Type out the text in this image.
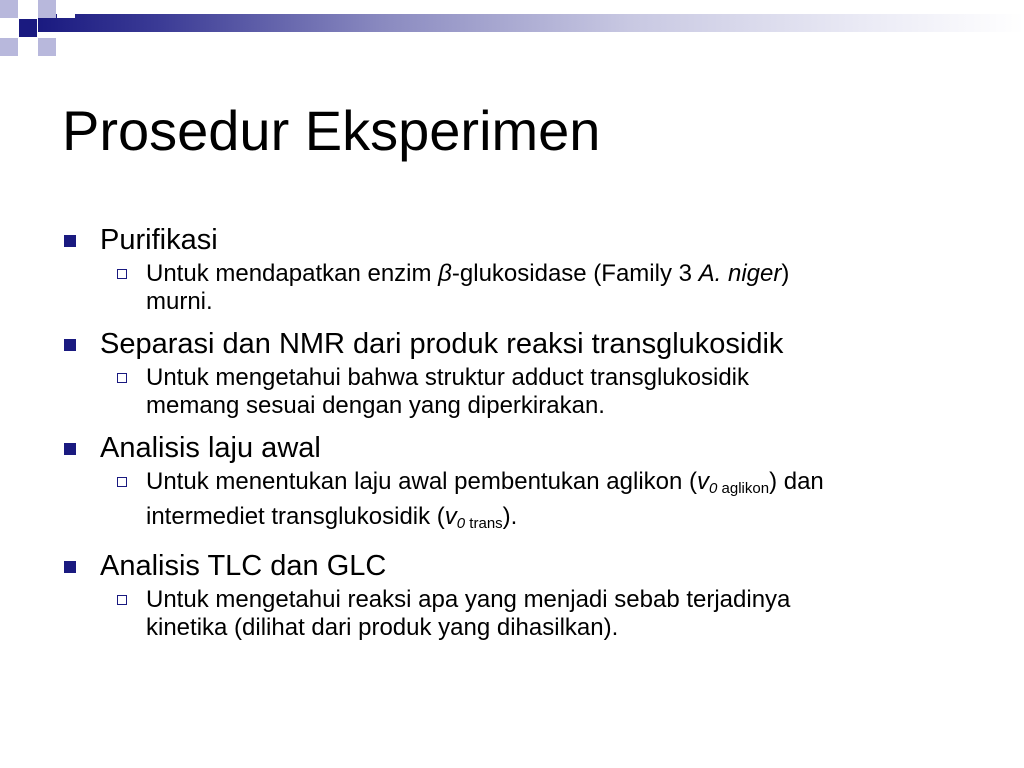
Prosedur Eksperimen
Purifikasi
Untuk mendapatkan enzim β-glukosidase (Family 3 A. niger)
murni.
Separasi dan NMR dari produk reaksi transglukosidik
Untuk mengetahui bahwa struktur adduct transglukosidik
memang sesuai dengan yang diperkirakan.
Analisis laju awal
Untuk menentukan laju awal pembentukan aglikon $(v_{0 aglikon})$ dan
intermediet transglukosidik $(v_{0 trans})$.
Analisis TLC dan GLC
Untuk mengetahui reaksi apa yang menjadi sebab terjadinya
kinetika (dilihat dari produk yang dihasilkan).
